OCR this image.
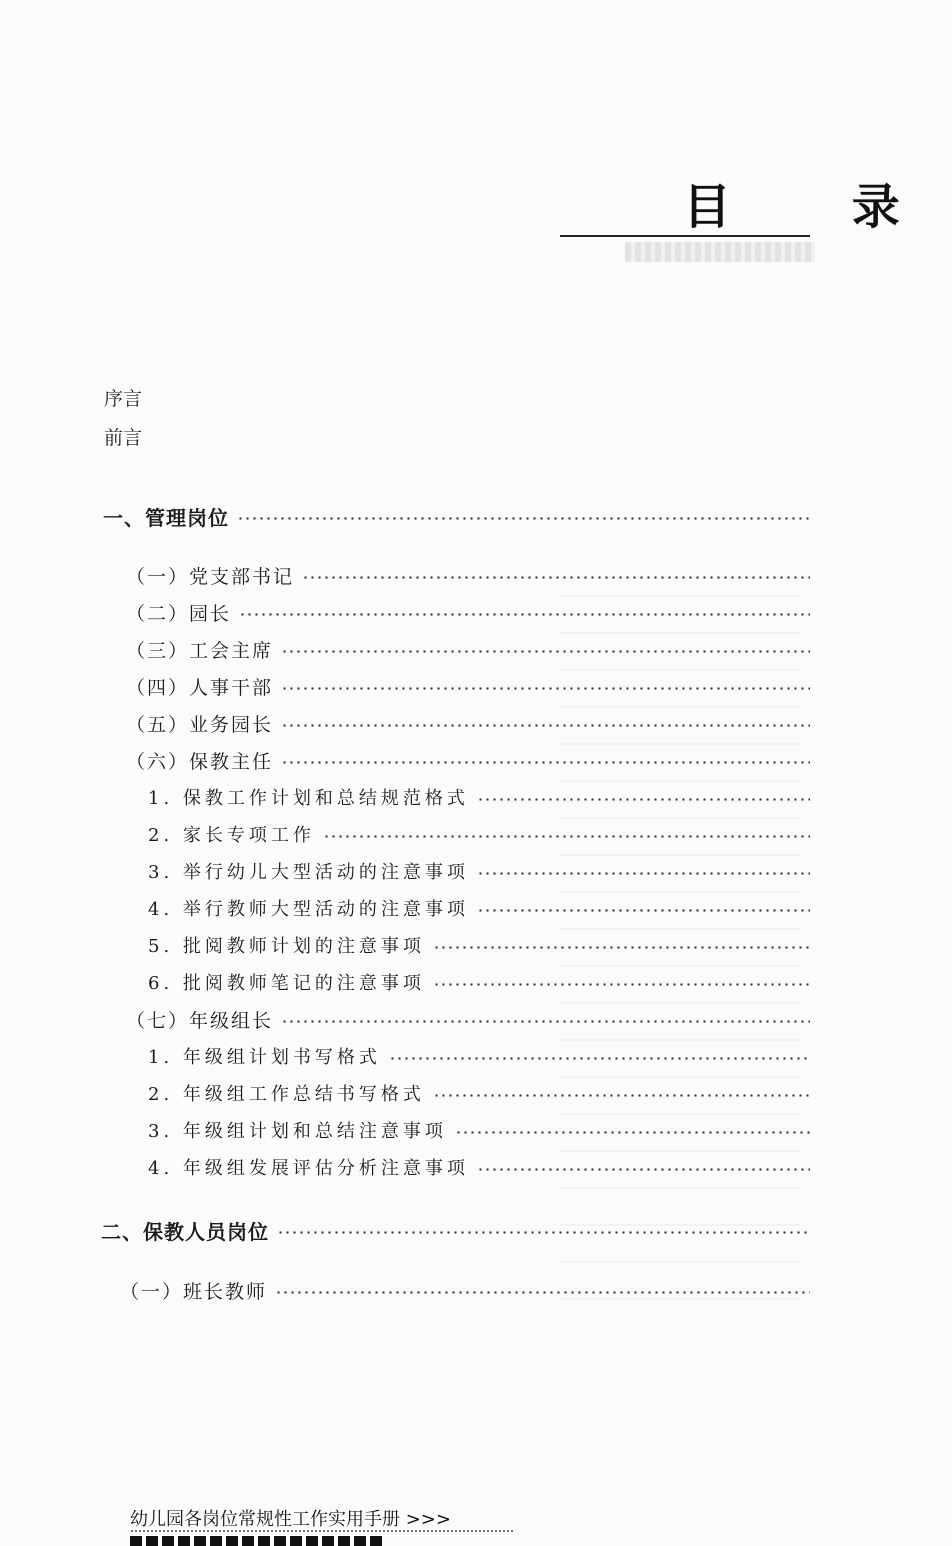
目 录
序言
前言
一、管理岗位
（一）党支部书记
（二）园长
（三）工会主席
（四）人事干部
（五）业务园长
（六）保教主任
1. 保教工作计划和总结规范格式
2. 家长专项工作
3. 举行幼儿大型活动的注意事项
4. 举行教师大型活动的注意事项
5. 批阅教师计划的注意事项
6. 批阅教师笔记的注意事项
（七）年级组长
1. 年级组计划书写格式
2. 年级组工作总结书写格式
3. 年级组计划和总结注意事项
4. 年级组发展评估分析注意事项
二、保教人员岗位
（一）班长教师
幼儿园各岗位常规性工作实用手册 >>>
